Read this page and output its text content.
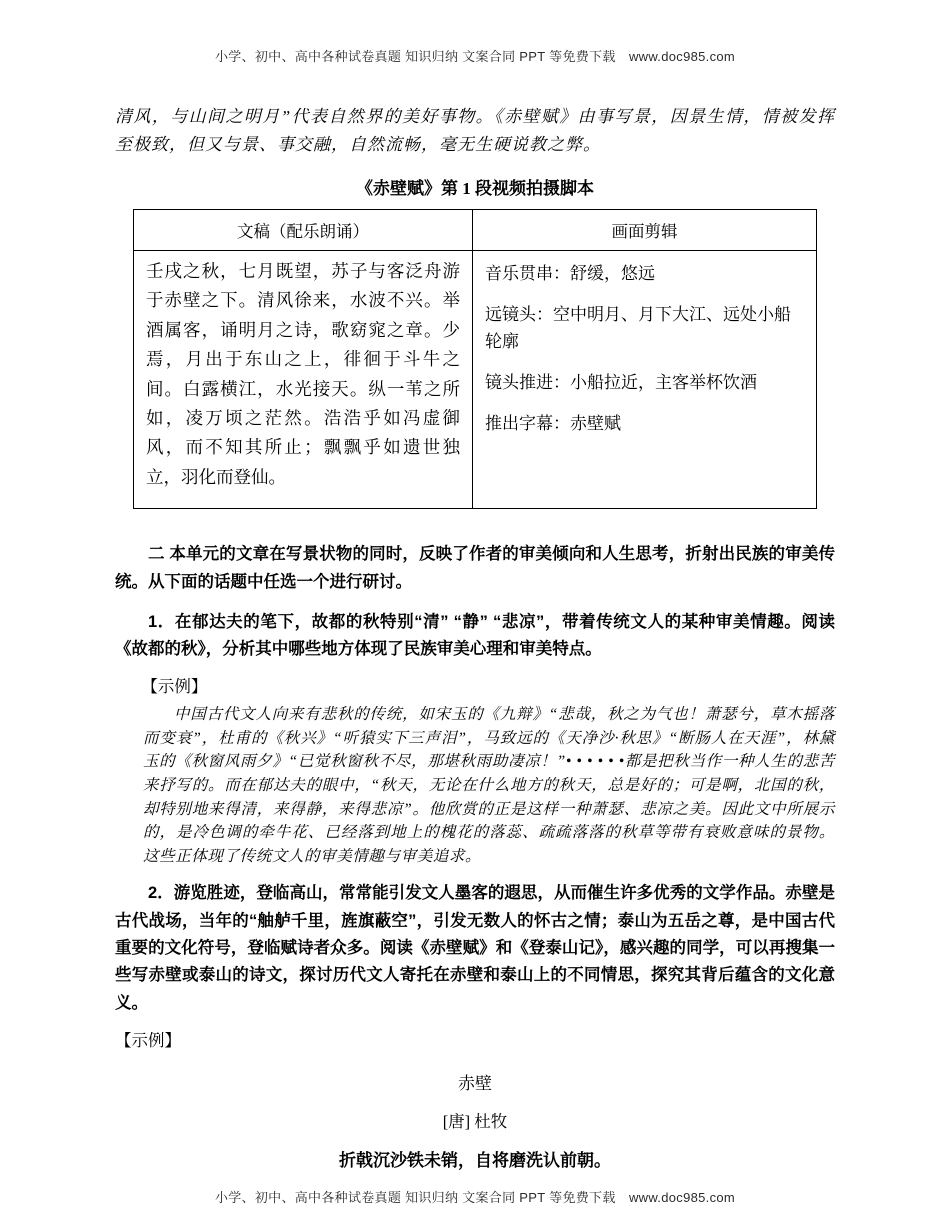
小学、初中、高中各种试卷真题 知识归纳 文案合同 PPT 等免费下载　www.doc985.com

清风，与山间之明月”代表自然界的美好事物。《赤壁赋》由事写景，因景生情，情被发挥至极致，但又与景、事交融，自然流畅，毫无生硬说教之弊。

《赤壁赋》第 1 段视频拍摄脚本
文稿（配乐朗诵）	画面剪辑
壬戌之秋，七月既望，苏子与客泛舟游于赤壁之下。清风徐来，水波不兴。举酒属客，诵明月之诗，歌窈窕之章。少焉，月出于东山之上，徘徊于斗牛之间。白露横江，水光接天。纵一苇之所如，凌万顷之茫然。浩浩乎如冯虚御风，而不知其所止；飘飘乎如遗世独立，羽化而登仙。	音乐贯串：舒缓，悠远

远镜头：空中明月、月下大江、远处小船轮廓

镜头推进：小船拉近，主客举杯饮酒

推出字幕：赤壁赋

二 本单元的文章在写景状物的同时，反映了作者的审美倾向和人生思考，折射出民族的审美传统。从下面的话题中任选一个进行研讨。

1．在郁达夫的笔下，故都的秋特别“清” “静” “悲凉”，带着传统文人的某种审美情趣。阅读《故都的秋》，分析其中哪些地方体现了民族审美心理和审美特点。

【示例】

中国古代文人向来有悲秋的传统，如宋玉的《九辩》“悲哉，秋之为气也！萧瑟兮，草木摇落而变衰”，杜甫的《秋兴》“听猿实下三声泪”，马致远的《天净沙·秋思》“断肠人在天涯”，林黛玉的《秋窗风雨夕》“已觉秋窗秋不尽，那堪秋雨助凄凉！”• • • • • •都是把秋当作一种人生的悲苦来抒写的。而在郁达夫的眼中，“秋天，无论在什么地方的秋天，总是好的；可是啊，北国的秋，却特别地来得清，来得静，来得悲凉”。他欣赏的正是这样一种萧瑟、悲凉之美。因此文中所展示的，是冷色调的牵牛花、已经落到地上的槐花的落蕊、疏疏落落的秋草等带有衰败意味的景物。这些正体现了传统文人的审美情趣与审美追求。

2．游览胜迹，登临高山，常常能引发文人墨客的遐思，从而催生许多优秀的文学作品。赤壁是古代战场，当年的“舳舻千里，旌旗蔽空”，引发无数人的怀古之情；泰山为五岳之尊，是中国古代重要的文化符号，登临赋诗者众多。阅读《赤壁赋》和《登泰山记》，感兴趣的同学，可以再搜集一些写赤壁或泰山的诗文，探讨历代文人寄托在赤壁和泰山上的不同情思，探究其背后蕴含的文化意义。

【示例】

赤壁

[唐] 杜牧

折戟沉沙铁未销，自将磨洗认前朝。

小学、初中、高中各种试卷真题 知识归纳 文案合同 PPT 等免费下载　www.doc985.com
